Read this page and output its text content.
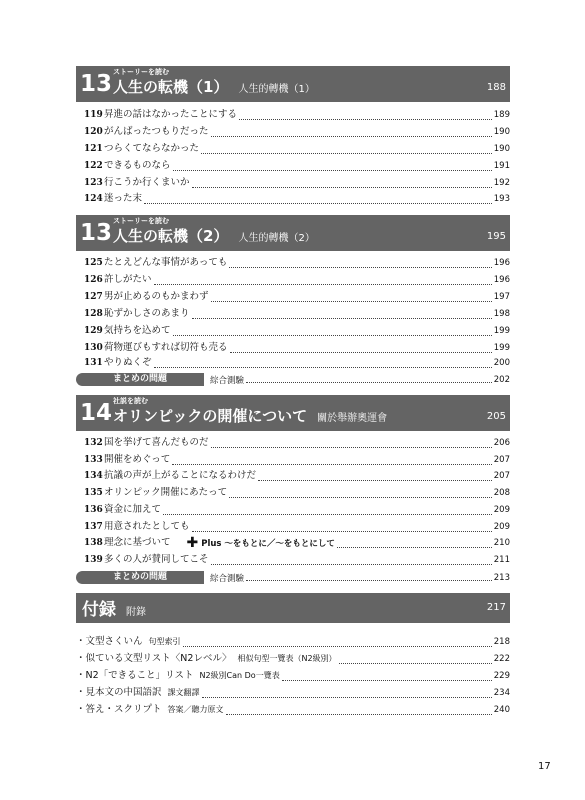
13 ストーリーを読む
人生の転機（1） 人生的轉機（1）	188
119 昇進の話はなかったことにする	189
120 がんばったつもりだった	190
121 つらくてならなかった	190
122 できるものなら	191
123 行こうか行くまいか	192
124 迷った末	193
13 ストーリーを読む
人生の転機（2） 人生的轉機（2）	195
125 たとえどんな事情があっても	196
126 許しがたい	196
127 男が止めるのもかまわず	197
128 恥ずかしさのあまり	198
129 気持ちを込めて	199
130 荷物運びもすれば切符も売る	199
131 やりぬくぞ	200
まとめの問題	綜合測驗	202
14 社説を読む
オリンピックの開催について 關於舉辦奧運會	205
132 国を挙げて喜んだものだ	206
133 開催をめぐって	207
134 抗議の声が上がることになるわけだ	207
135 オリンピック開催にあたって	208
136 資金に加えて	209
137 用意されたとしても	209
138 理念に基づいて ✚ Plus 〜をもとに／〜をもとにして	210
139 多くの人が賛同してこそ	211
まとめの問題	綜合測驗	213
付録 附錄	217
・文型さくいん 句型索引	218
・似ている文型リスト〈N2レベル〉 相似句型一覽表（N2級別）	222
・N2「できること」リスト N2級別Can Do一覽表	229
・見本文の中国語訳 課文翻譯	234
・答え・スクリプト 答案／聽力原文	240
17
